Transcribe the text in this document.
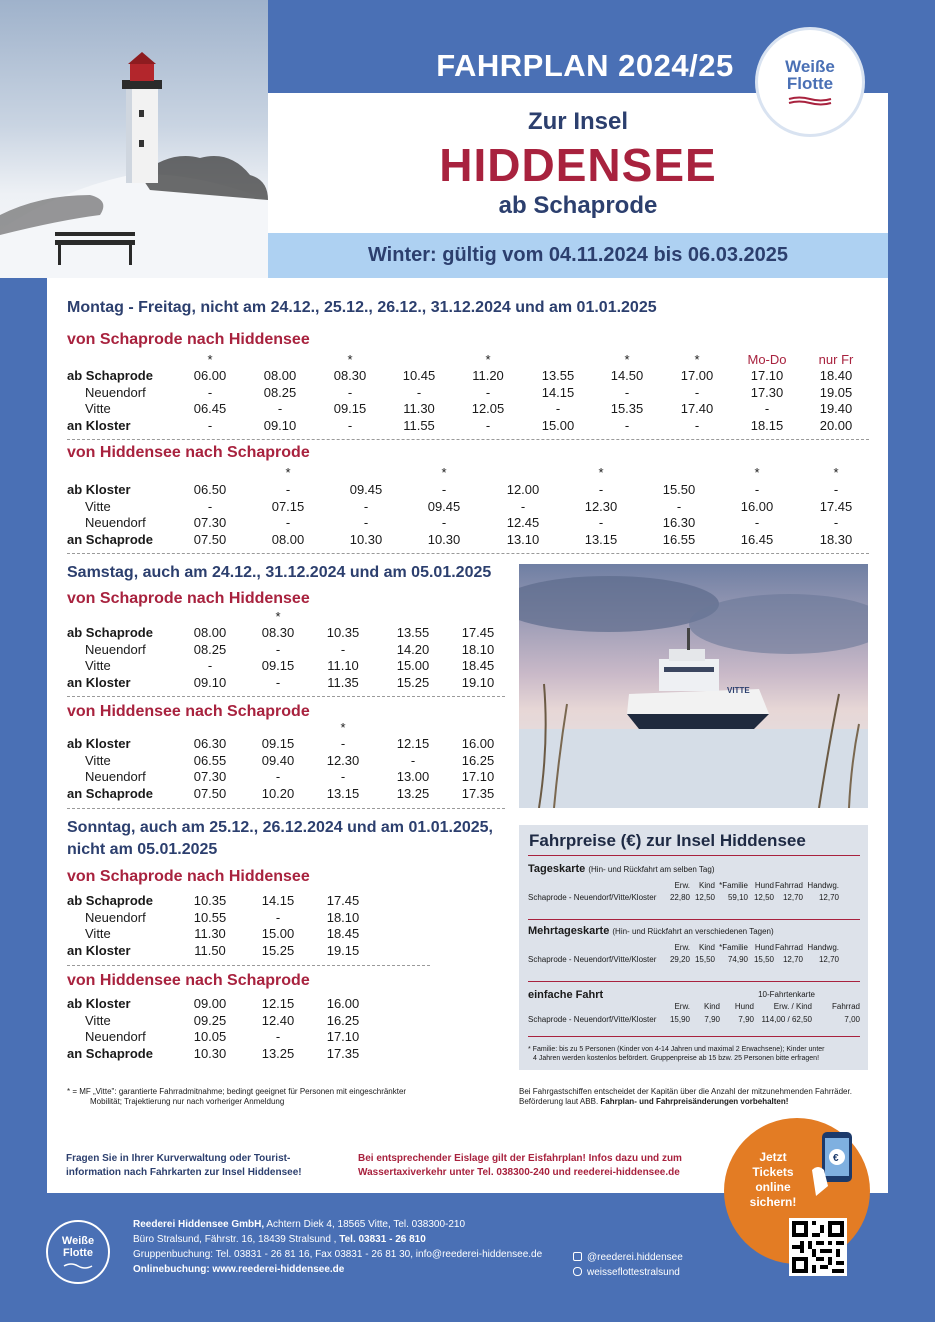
FAHRPLAN 2024/25
Zur Insel
HIDDENSEE
ab Schaprode
Weiße
Flotte
Winter: gültig vom 04.11.2024 bis 06.03.2025
Montag - Freitag, nicht am 24.12., 25.12., 26.12., 31.12.2024 und am 01.01.2025
von Schaprode nach Hiddensee
*	*	*	*	*	Mo-Do nur Fr
ab Schaprode	06.00	08.00	08.30	10.45	11.20	13.55	14.50	17.00	17.10	18.40
Neuendorf	-	08.25	-	-	-	14.15	-	-	17.30	19.05
Vitte	06.45	-	09.15	11.30	12.05	-	15.35	17.40	-	19.40
an Kloster	-	09.10	-	11.55	-	15.00	-	-	18.15	20.00
von Hiddensee nach Schaprode
*	*	*	*	*
ab Kloster	06.50	-	09.45	-	12.00	-	15.50	-	-
Vitte	-	07.15	-	09.45	-	12.30	-	16.00	17.45
Neuendorf	07.30	-	-	-	12.45	-	16.30	-	-
an Schaprode	07.50	08.00	10.30	10.30	13.10	13.15	16.55	16.45	18.30
Samstag, auch am 24.12., 31.12.2024 und am 05.01.2025
von Schaprode nach Hiddensee
*
ab Schaprode	08.00	08.30 10.35	13.55 17.45
Neuendorf	08.25	-	-	14.20 18.10
Vitte	-	09.15	11.10	15.00 18.45
an Kloster	09.10	-	11.35	15.25 19.10
von Hiddensee nach Schaprode
*
ab Kloster	06.30	09.15	-	12.15 16.00
Vitte	06.55	09.40 12.30	-	16.25
Neuendorf	07.30	-	-	13.00 17.10
an Schaprode	07.50	10.20 13.15	13.25 17.35
Sonntag, auch am 25.12., 26.12.2024 und am 01.01.2025,
nicht am 05.01.2025
von Schaprode nach Hiddensee
ab Schaprode	10.35	14.15 17.45
Neuendorf	10.55	-	18.10
Vitte	11.30	15.00 18.45
an Kloster	11.50	15.25 19.15
von Hiddensee nach Schaprode
ab Kloster	09.00	12.15 16.00
Vitte	09.25	12.40 16.25
Neuendorf	10.05	-	17.10
an Schaprode	10.30	13.25 17.35
VITTE
Fahrpreise (€) zur Insel Hiddensee
Tageskarte (Hin- und Rückfahrt am selben Tag)
Erw. Kind *Familie Hund Fahrrad Handwg.
Schaprode - Neuendorf/Vitte/Kloster 22,80 12,50 59,10 12,50 12,70 12,70
Mehrtageskarte (Hin- und Rückfahrt an verschiedenen Tagen)
Erw. Kind *Familie Hund Fahrrad Handwg.
Schaprode - Neuendorf/Vitte/Kloster 29,20 15,50 74,90 15,50 12,70 12,70
einfache Fahrt	10-Fahrtenkarte
Erw. Kind Hund Erw. / Kind Fahrrad
Schaprode - Neuendorf/Vitte/Kloster 15,90 7,90 7,90 114,00 / 62,50	7,00
* Familie: bis zu 5 Personen (Kinder von 4-14 Jahren und maximal 2 Erwachsene); Kinder unter
4 Jahren werden kostenlos befördert. Gruppenpreise ab 15 bzw. 25 Personen bitte erfragen!
* = MF „Vitte": garantierte Fahrradmitnahme; bedingt geeignet für Personen mit eingeschränkter
Mobilität; Trajektierung nur nach vorheriger Anmeldung
Bei Fahrgastschiffen entscheidet der Kapitän über die Anzahl der mitzunehmenden Fahrräder.
Beförderung laut ABB. Fahrplan- und Fahrpreisänderungen vorbehalten!
Fragen Sie in Ihrer Kurverwaltung oder Tourist-
information nach Fahrkarten zur Insel Hiddensee!
Bei entsprechender Eislage gilt der Eisfahrplan! Infos dazu und zum
Wassertaxiverkehr unter Tel. 038300-240 und reederei-hiddensee.de
Jetzt
Tickets
online
sichern!
€
Weiße
Flotte
Reederei Hiddensee GmbH, Achtern Diek 4, 18565 Vitte, Tel. 038300-210
Büro Stralsund, Fährstr. 16, 18439 Stralsund , Tel. 03831 - 26 810
Gruppenbuchung: Tel. 03831 - 26 81 16, Fax 03831 - 26 81 30, info@reederei-hiddensee.de
Onlinebuchung: www.reederei-hiddensee.de
@reederei.hiddensee
weisseflottestralsund
